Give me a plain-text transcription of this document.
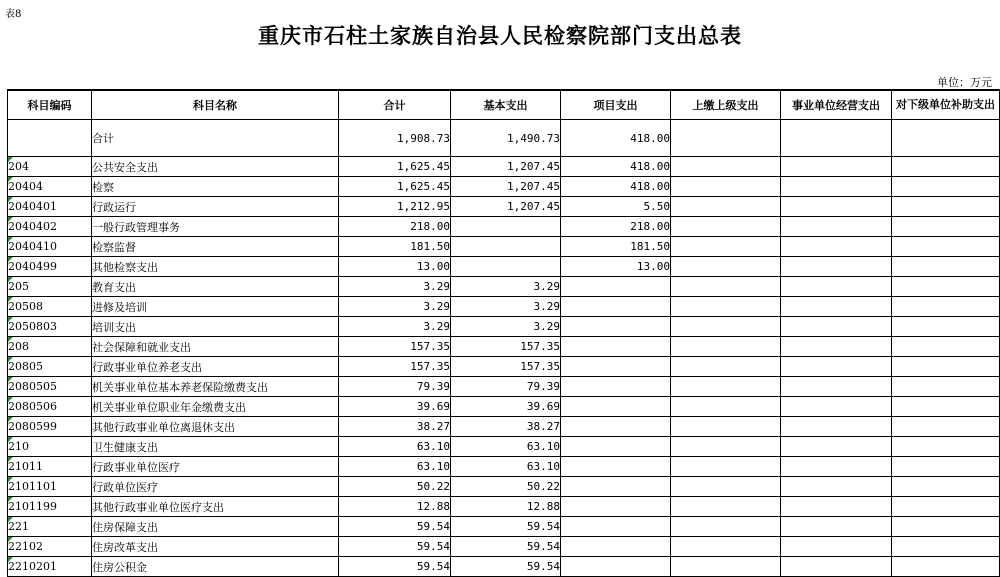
表8
重庆市石柱土家族自治县人民检察院部门支出总表
单位：万元
科目编码	科目名称	合计	基本支出	项目支出	上缴上级支出	事业单位经营支出	对下级单位补助支出
	合计	1,908.73	1,490.73	418.00			
204	公共安全支出	1,625.45	1,207.45	418.00			
20404	检察	1,625.45	1,207.45	418.00			
2040401	行政运行	1,212.95	1,207.45	5.50			
2040402	一般行政管理事务	218.00		218.00			
2040410	检察监督	181.50		181.50			
2040499	其他检察支出	13.00		13.00			
205	教育支出	3.29	3.29				
20508	进修及培训	3.29	3.29				
2050803	培训支出	3.29	3.29				
208	社会保障和就业支出	157.35	157.35				
20805	行政事业单位养老支出	157.35	157.35				
2080505	机关事业单位基本养老保险缴费支出	79.39	79.39				
2080506	机关事业单位职业年金缴费支出	39.69	39.69				
2080599	其他行政事业单位离退休支出	38.27	38.27				
210	卫生健康支出	63.10	63.10				
21011	行政事业单位医疗	63.10	63.10				
2101101	行政单位医疗	50.22	50.22				
2101199	其他行政事业单位医疗支出	12.88	12.88				
221	住房保障支出	59.54	59.54				
22102	住房改革支出	59.54	59.54				
2210201	住房公积金	59.54	59.54				
